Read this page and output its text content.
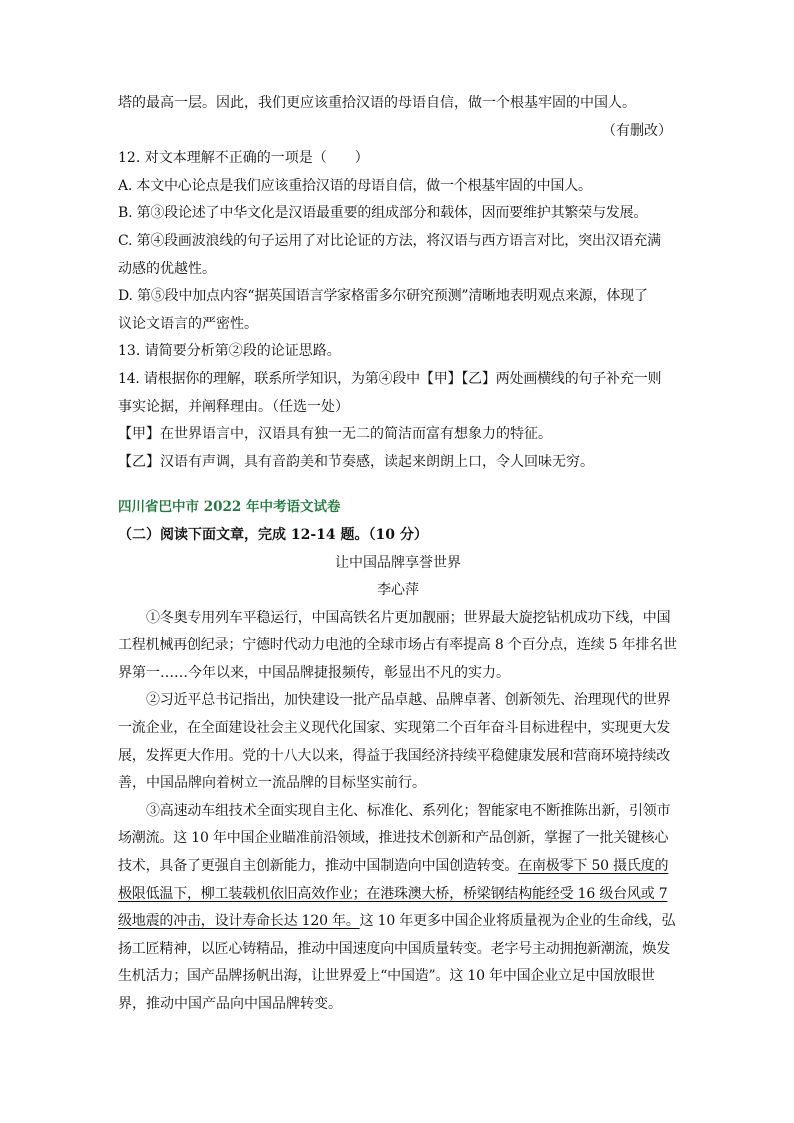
塔的最高一层。因此，我们更应该重拾汉语的母语自信，做一个根基牢固的中国人。
（有删改）
12. 对文本理解不正确的一项是（　　）
A. 本文中心论点是我们应该重拾汉语的母语自信，做一个根基牢固的中国人。
B. 第③段论述了中华文化是汉语最重要的组成部分和载体，因而要维护其繁荣与发展。
C. 第④段画波浪线的句子运用了对比论证的方法，将汉语与西方语言对比，突出汉语充满
动感的优越性。
D. 第⑤段中加点内容“据英国语言学家格雷多尔研究预测”清晰地表明观点来源，体现了
议论文语言的严密性。
13. 请简要分析第②段的论证思路。
14. 请根据你的理解，联系所学知识，为第④段中【甲】【乙】两处画横线的句子补充一则
事实论据，并阐释理由。（任选一处）
【甲】在世界语言中，汉语具有独一无二的简洁而富有想象力的特征。
【乙】汉语有声调，具有音韵美和节奏感，读起来朗朗上口，令人回味无穷。
四川省巴中市 2022 年中考语文试卷
（二）阅读下面文章，完成 12-14 题。（10 分）
让中国品牌享誉世界
李心萍
①冬奥专用列车平稳运行，中国高铁名片更加靓丽；世界最大旋挖钻机成功下线，中国
工程机械再创纪录；宁德时代动力电池的全球市场占有率提高 8 个百分点，连续 5 年排名世
界第一……今年以来，中国品牌捷报频传，彰显出不凡的实力。
②习近平总书记指出，加快建设一批产品卓越、品牌卓著、创新领先、治理现代的世界
一流企业，在全面建设社会主义现代化国家、实现第二个百年奋斗目标进程中，实现更大发
展，发挥更大作用。党的十八大以来，得益于我国经济持续平稳健康发展和营商环境持续改
善，中国品牌向着树立一流品牌的目标坚实前行。
③高速动车组技术全面实现自主化、标准化、系列化；智能家电不断推陈出新，引领市
场潮流。这 10 年中国企业瞄准前沿领域，推进技术创新和产品创新，掌握了一批关键核心
技术，具备了更强自主创新能力，推动中国制造向中国创造转变。在南极零下 50 摄氏度的
极限低温下，柳工装载机依旧高效作业；在港珠澳大桥，桥梁钢结构能经受 16 级台风或 7
级地震的冲击，设计寿命长达 120 年。这 10 年更多中国企业将质量视为企业的生命线，弘
扬工匠精神，以匠心铸精品，推动中国速度向中国质量转变。老字号主动拥抱新潮流，焕发
生机活力；国产品牌扬帆出海，让世界爱上“中国造”。这 10 年中国企业立足中国放眼世
界，推动中国产品向中国品牌转变。
